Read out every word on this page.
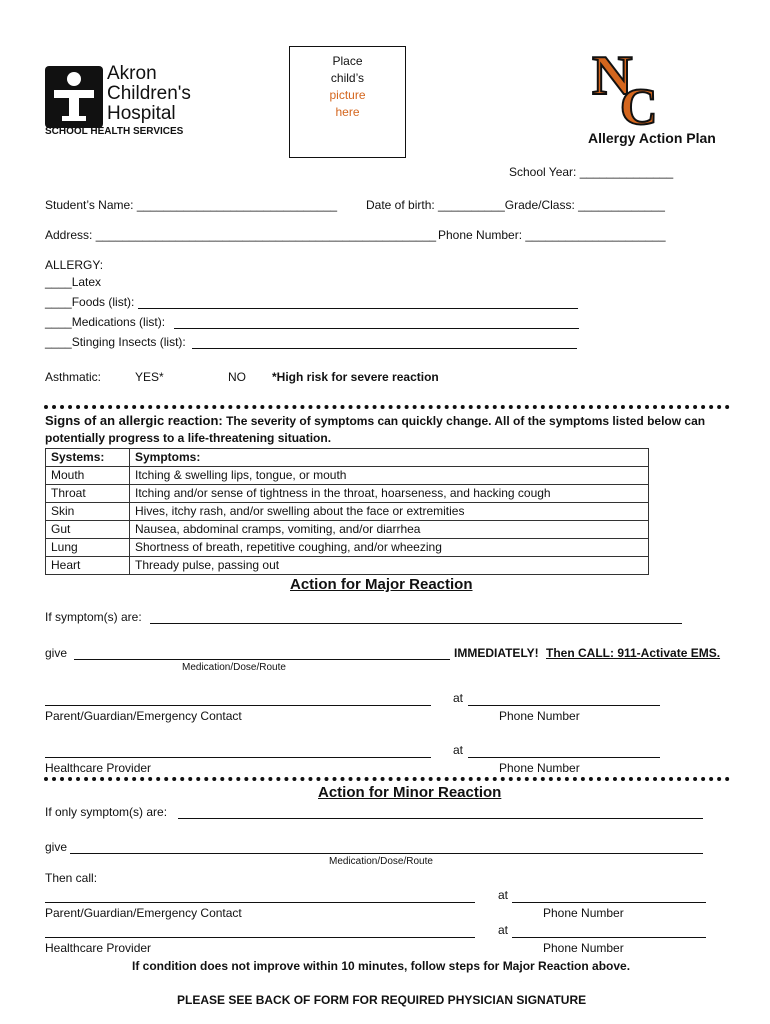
Akron
Children's
Hospital
SCHOOL HEALTH SERVICES
Place
child’s
picture
here
N
C
Allergy Action Plan
School Year: ______________
Student’s Name: ______________________________ Date of birth: __________Grade/Class: _____________
Address: ___________________________________________________ Phone Number: _____________________
ALLERGY:
____Latex
____Foods (list):
____Medications (list):
____Stinging Insects (list):
Asthmatic:	YES*	NO *High risk for severe reaction
Signs of an allergic reaction: The severity of symptoms can quickly change. All of the symptoms listed below can
potentially progress to a life-threatening situation.
Systems:	Symptoms:
Mouth	Itching & swelling lips, tongue, or mouth
Throat	Itching and/or sense of tightness in the throat, hoarseness, and hacking cough
Skin	Hives, itchy rash, and/or swelling about the face or extremities
Gut	Nausea, abdominal cramps, vomiting, and/or diarrhea
Lung	Shortness of breath, repetitive coughing, and/or wheezing
Heart	Thready pulse, passing out
Action for Major Reaction
If symptom(s) are:
give	IMMEDIATELY! Then CALL: 911-Activate EMS.
Medication/Dose/Route
at
Parent/Guardian/Emergency Contact	Phone Number
at
Healthcare Provider	Phone Number
Action for Minor Reaction
If only symptom(s) are:
give
Medication/Dose/Route
Then call:
at
Parent/Guardian/Emergency Contact	Phone Number
at
Healthcare Provider	Phone Number
If condition does not improve within 10 minutes, follow steps for Major Reaction above.
PLEASE SEE BACK OF FORM FOR REQUIRED PHYSICIAN SIGNATURE
